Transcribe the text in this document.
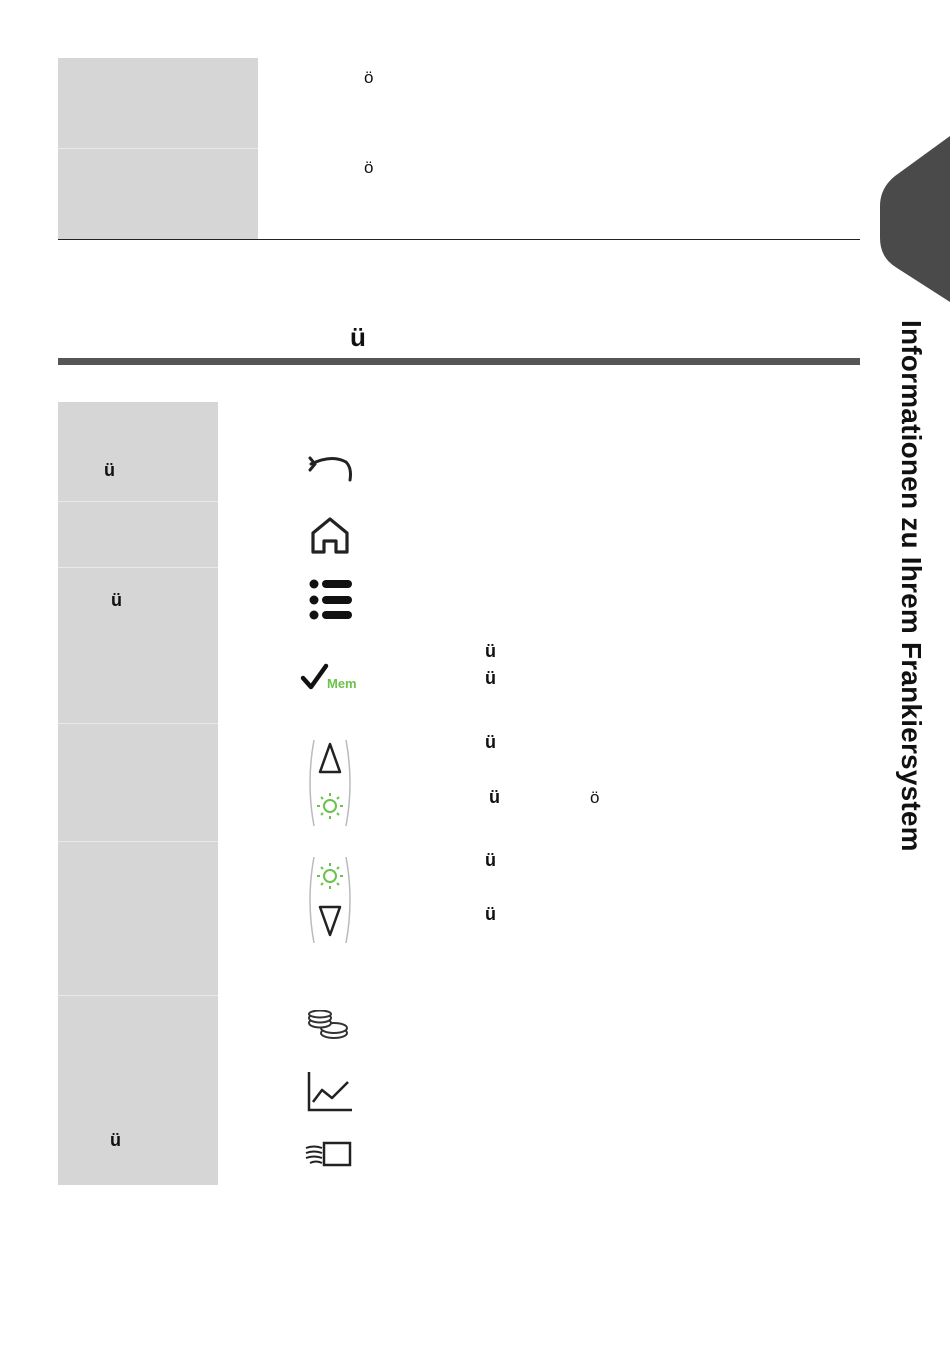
Informationen zu Ihrem Frankiersystem
ö
ö
ü
ü
ü
ü
Mem
ü
ü
ü
ü	ö
ü
ü
